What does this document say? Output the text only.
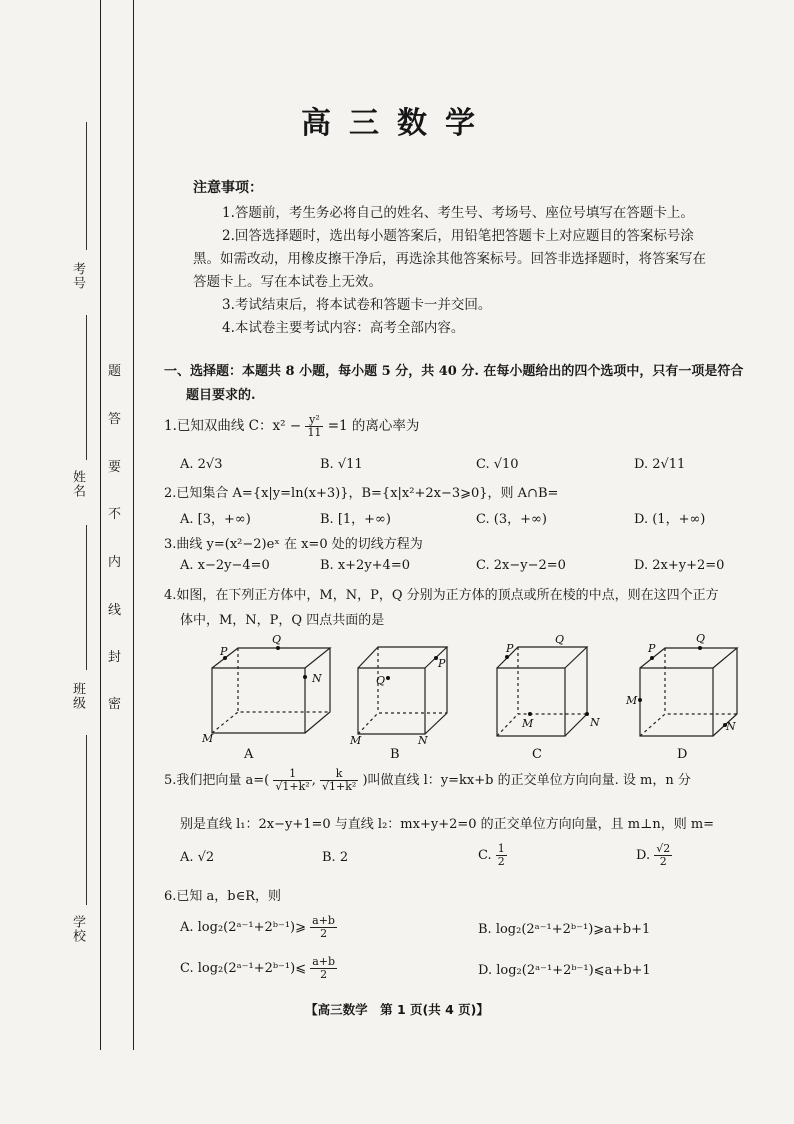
考号
姓名
班级
学校
题
答
要
不
内
线
封
密
高三数学
注意事项：
1.答题前，考生务必将自己的姓名、考生号、考场号、座位号填写在答题卡上。
2.回答选择题时，选出每小题答案后，用铅笔把答题卡上对应题目的答案标号涂
黑。如需改动，用橡皮擦干净后，再选涂其他答案标号。回答非选择题时，将答案写在
答题卡上。写在本试卷上无效。
3.考试结束后，将本试卷和答题卡一并交回。
4.本试卷主要考试内容：高考全部内容。
一、选择题：本题共 8 小题，每小题 5 分，共 40 分. 在每小题给出的四个选项中，只有一项是符合
题目要求的.
1.已知双曲线 C：$x^2 - \frac{\text{y²}}{11} =1$ 的离心率为
A. 2√3	B. √11	C. √10	D. 2√11
2.已知集合 A={x|y=ln(x+3)}，B={x|x²+2x−3⩾0}，则 A∩B=
A. [3，+∞)	B. [1，+∞)	C. (3，+∞)	D. (1，+∞)
3.曲线 y=(x²−2)eˣ 在 x=0 处的切线方程为
A. x−2y−4=0	B. x+2y+4=0	C. 2x−y−2=0	D. 2x+y+2=0
4.如图，在下列正方体中，M，N，P，Q 分别为正方体的顶点或所在棱的中点，则在这四个正方
体中，M，N，P，Q 四点共面的是
P
Q
N
M
P
Q
M	N
P
Q
N
M
P
Q
M
N
A	B	C	D
5.我们把向量 $a=( \frac{1}{\text{√1+k²}}$ , $\frac{k}{\text{√1+k²}}$ )叫做直线 l：y=kx+b 的正交单位方向向量. 设 m，n 分
别是直线 l₁：2x−y+1=0 与直线 l₂：mx+y+2=0 的正交单位方向向量，且 m⊥n，则 m=
A. √2	B. 2	C. $\frac{1}{2}$	D. $\frac{√2}{2}$
6.已知 a，b∈R，则
A. log₂(2ᵃ⁻¹+2ᵇ⁻¹)⩾ $\frac{a+b}{2}$	B. log₂(2ᵃ⁻¹+2ᵇ⁻¹)⩾a+b+1
C. log₂(2ᵃ⁻¹+2ᵇ⁻¹)⩽ $\frac{a+b}{2}$	D. log₂(2ᵃ⁻¹+2ᵇ⁻¹)⩽a+b+1
【高三数学　第 1 页(共 4 页)】
